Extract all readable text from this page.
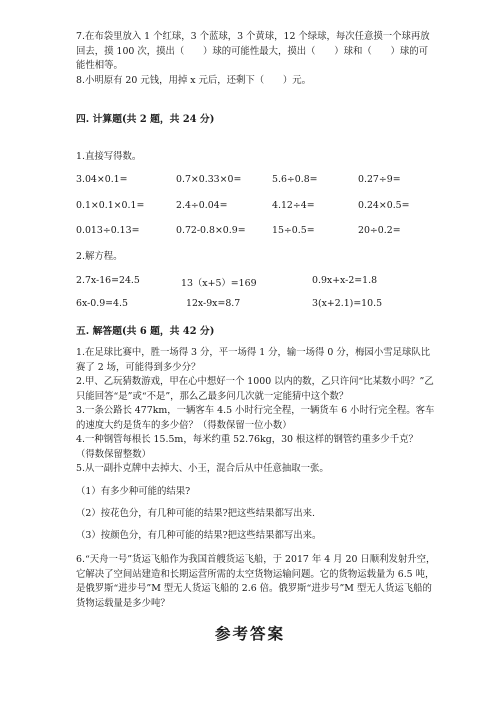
7.在布袋里放入 1 个红球，3 个蓝球，3 个黄球，12 个绿球，每次任意摸一个球再放回去，摸 100 次，摸出（　　）球的可能性最大，摸出（　　）球和（　　）球的可能性相等。

8.小明原有 20 元钱，用掉 x 元后，还剩下（　　）元。

四. 计算题(共 2 题，共 24 分)

1.直接写得数。

3.04×0.1=	0.7×0.33×0=	5.6÷0.8=	0.27÷9=
0.1×0.1×0.1=	2.4÷0.04=	4.12÷4=	0.24×0.5=
0.013÷0.13=	0.72-0.8×0.9=	15÷0.5=	20÷0.2=

2.解方程。

2.7x-16=24.5	13（x+5）=169	0.9x+x-2=1.8
6x-0.9=4.5	12x-9x=8.7	3(x+2.1)=10.5

五. 解答题(共 6 题，共 42 分)

1.在足球比赛中，胜一场得 3 分，平一场得 1 分，输一场得 0 分，梅园小雪足球队比赛了 2 场，可能得到多少分？

2.甲、乙玩猜数游戏，甲在心中想好一个 1000 以内的数，乙只许问“比某数小吗？”乙只能回答“是”或“不是”，那么乙最多问几次就一定能猜中这个数？

3.一条公路长 477km，一辆客车 4.5 小时行完全程，一辆货车 6 小时行完全程。客车的速度大约是货车的多少倍？（得数保留一位小数）

4.一种钢管每根长 15.5m，每米约重 52.76kg，30 根这样的钢管约重多少千克？（得数保留整数）

5.从一副扑克牌中去掉大、小王，混合后从中任意抽取一张。

（1）有多少种可能的结果?

（2）按花色分，有几种可能的结果?把这些结果都写出来.

（3）按颜色分，有几种可能的结果?把这些结果都写出来。

6.“天舟一号”货运飞船作为我国首艘货运飞船，于 2017 年 4 月 20 日顺利发射升空，它解决了空间站建造和长期运营所需的太空货物运输问题。它的货物运载量为 6.5 吨，是俄罗斯“进步号”M 型无人货运飞船的 2.6 倍。俄罗斯“进步号”M 型无人货运飞船的货物运载量是多少吨？

参考答案
